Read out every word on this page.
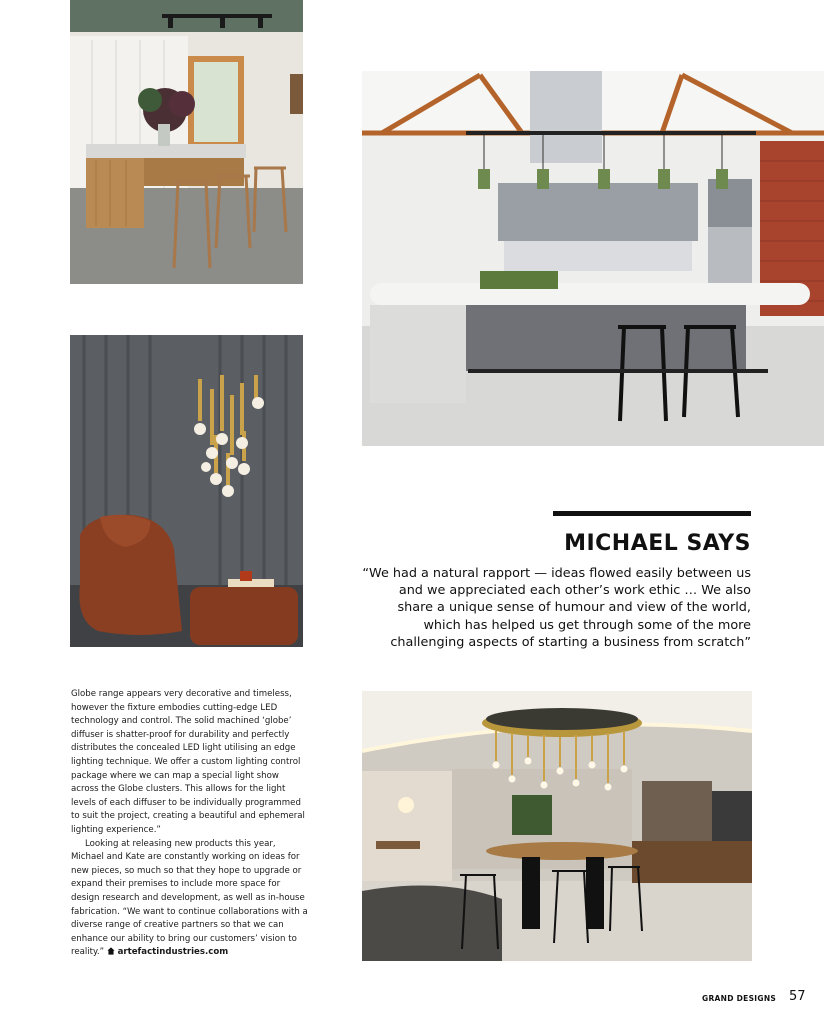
MICHAEL SAYS
“We had a natural rapport — ideas flowed easily between us and we appreciated each other’s work ethic … We also share a unique sense of humour and view of the world, which has helped us get through some of the more challenging aspects of starting a business from scratch”

Globe range appears very decorative and timeless, however the fixture embodies cutting-edge LED technology and control. The solid machined ‘globe’ diffuser is shatter-proof for durability and perfectly distributes the concealed LED light utilising an edge lighting technique. We offer a custom lighting control package where we can map a special light show across the Globe clusters. This allows for the light levels of each diffuser to be individually programmed to suit the project, creating a beautiful and ephemeral lighting experience.”

Looking at releasing new products this year, Michael and Kate are constantly working on ideas for new pieces, so much so that they hope to upgrade or expand their premises to include more space for design research and development, as well as in-house fabrication. “We want to continue collaborations with a diverse range of creative partners so that we can enhance our ability to bring our customers’ vision to reality.” artefactindustries.com

GRAND DESIGNS 57
